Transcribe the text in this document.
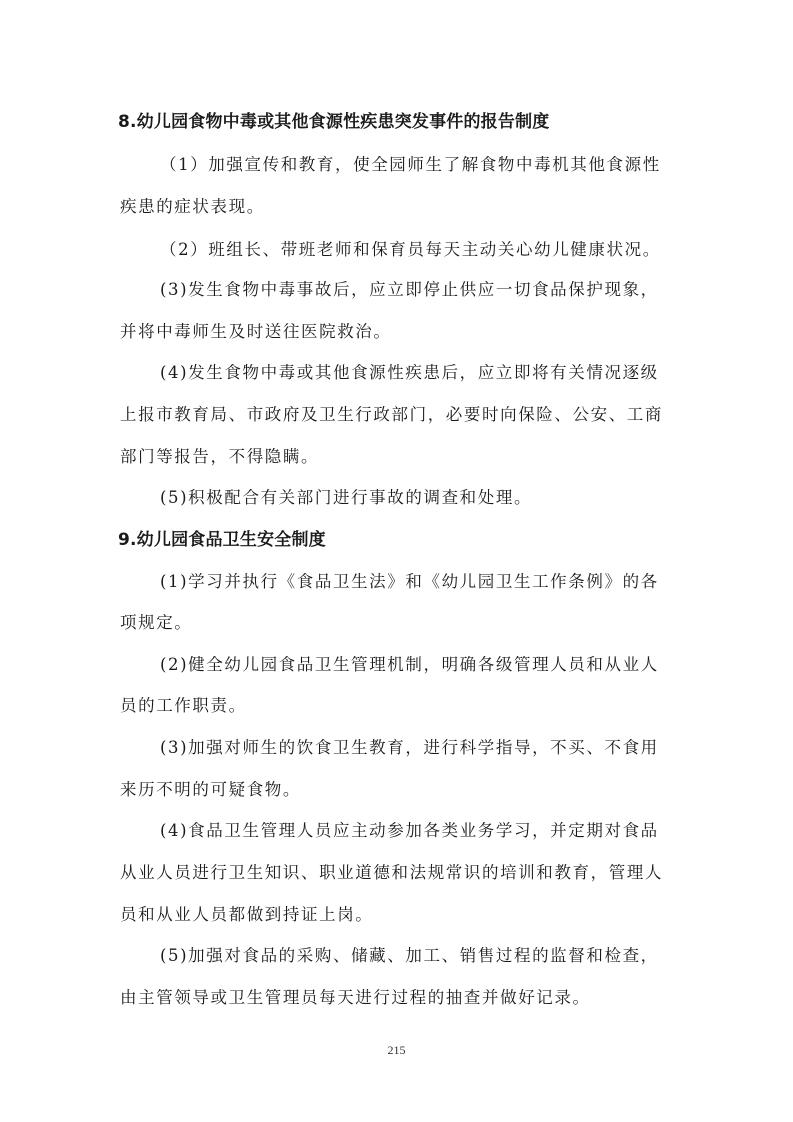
8.幼儿园食物中毒或其他食源性疾患突发事件的报告制度
（1）加强宣传和教育，使全园师生了解食物中毒机其他食源性
疾患的症状表现。
（2）班组长、带班老师和保育员每天主动关心幼儿健康状况。
(3)发生食物中毒事故后，应立即停止供应一切食品保护现象，
并将中毒师生及时送往医院救治。
(4)发生食物中毒或其他食源性疾患后，应立即将有关情况逐级
上报市教育局、市政府及卫生行政部门，必要时向保险、公安、工商
部门等报告，不得隐瞒。
(5)积极配合有关部门进行事故的调查和处理。
9.幼儿园食品卫生安全制度
(1)学习并执行《食品卫生法》和《幼儿园卫生工作条例》的各
项规定。
(2)健全幼儿园食品卫生管理机制，明确各级管理人员和从业人
员的工作职责。
(3)加强对师生的饮食卫生教育，进行科学指导，不买、不食用
来历不明的可疑食物。
(4)食品卫生管理人员应主动参加各类业务学习，并定期对食品
从业人员进行卫生知识、职业道德和法规常识的培训和教育，管理人
员和从业人员都做到持证上岗。
(5)加强对食品的采购、储藏、加工、销售过程的监督和检查，
由主管领导或卫生管理员每天进行过程的抽查并做好记录。
215
